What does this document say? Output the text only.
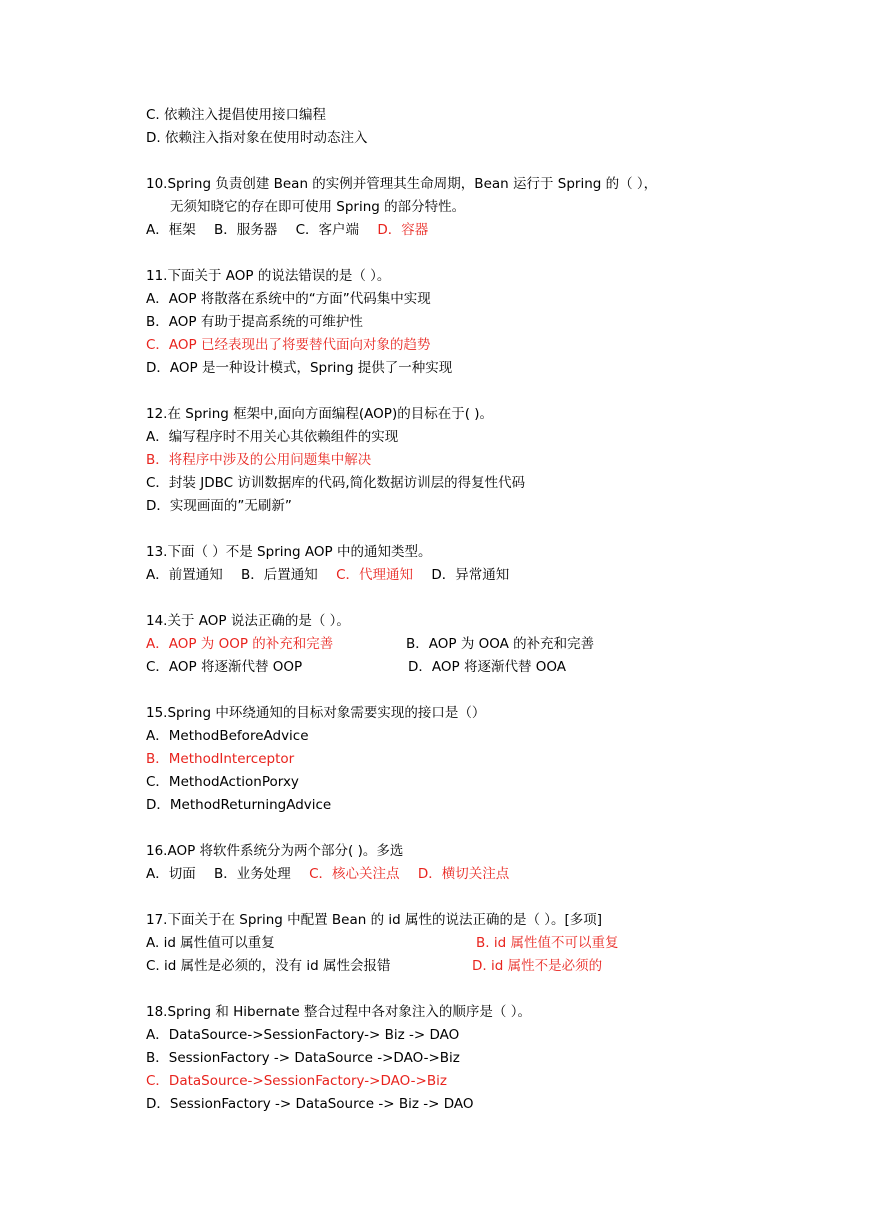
C. 依赖注入提倡使用接口编程
D. 依赖注入指对象在使用时动态注入
10.Spring 负责创建 Bean 的实例并管理其生命周期，Bean 运行于 Spring 的（ ），
无须知晓它的存在即可使用 Spring 的部分特性。
A．框架 B．服务器 C．客户端 D．容器
11.下面关于 AOP 的说法错误的是（ ）。
A．AOP 将散落在系统中的“方面”代码集中实现
B．AOP 有助于提高系统的可维护性
C．AOP 已经表现出了将要替代面向对象的趋势
D．AOP 是一种设计模式，Spring 提供了一种实现
12.在 Spring 框架中,面向方面编程(AOP)的目标在于( )。
A．编写程序时不用关心其依赖组件的实现
B．将程序中涉及的公用问题集中解决
C．封装 JDBC 访训数据库的代码,简化数据访训层的得复性代码
D．实现画面的”无刷新”
13.下面（ ）不是 Spring AOP 中的通知类型。
A．前置通知 B．后置通知 C．代理通知 D．异常通知
14.关于 AOP 说法正确的是（ ）。
A．AOP 为 OOP 的补充和完善	B．AOP 为 OOA 的补充和完善
C．AOP 将逐渐代替 OOP	D．AOP 将逐渐代替 OOA
15.Spring 中环绕通知的目标对象需要实现的接口是（）
A．MethodBeforeAdvice
B．MethodInterceptor
C．MethodActionPorxy
D．MethodReturningAdvice
16.AOP 将软件系统分为两个部分( )。多选
A．切面 B．业务处理 C．核心关注点 D．横切关注点
17.下面关于在 Spring 中配置 Bean 的 id 属性的说法正确的是（ ）。[多项]
A. id 属性值可以重复	B. id 属性值不可以重复
C. id 属性是必须的，没有 id 属性会报错	D. id 属性不是必须的
18.Spring 和 Hibernate 整合过程中各对象注入的顺序是（ ）。
A．DataSource->SessionFactory-> Biz -> DAO
B．SessionFactory -> DataSource ->DAO->Biz
C．DataSource->SessionFactory->DAO->Biz
D．SessionFactory -> DataSource -> Biz -> DAO
